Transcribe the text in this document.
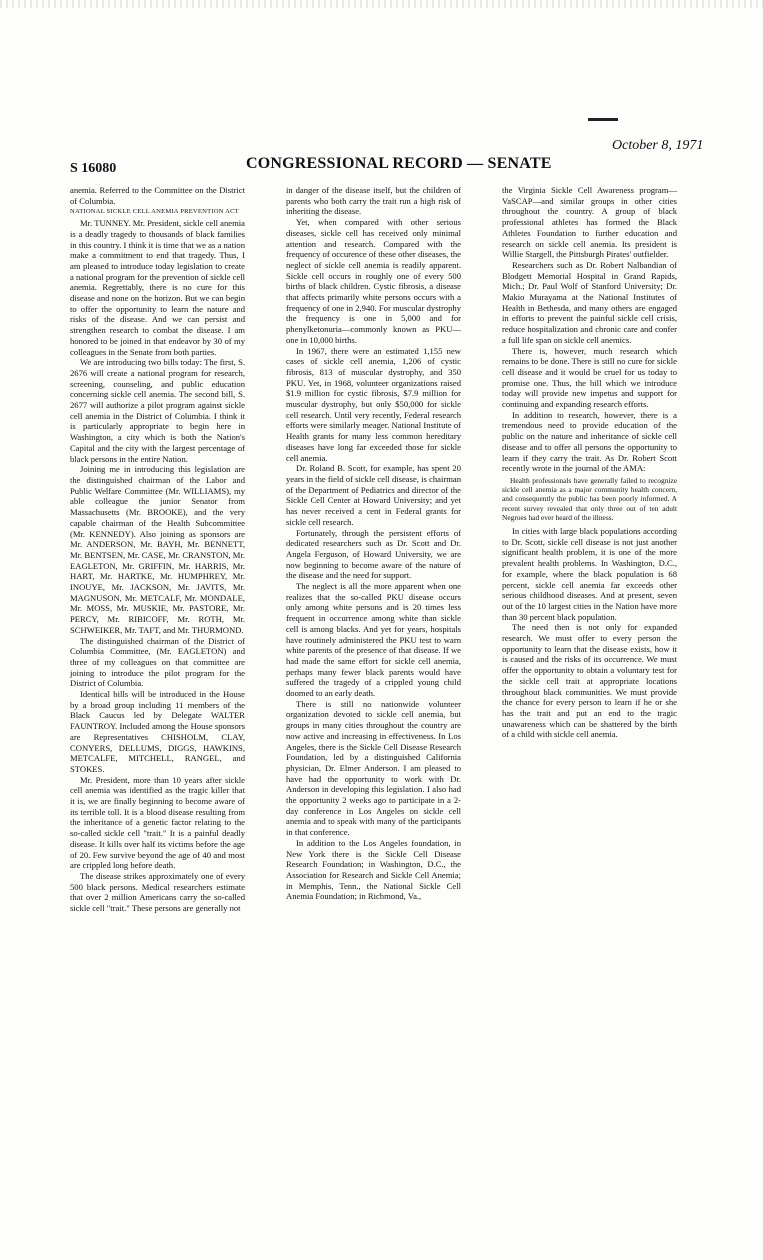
October 8, 1971
S 16080	CONGRESSIONAL RECORD — SENATE

anemia. Referred to the Committee on the District of Columbia.

NATIONAL SICKLE CELL ANEMIA PREVENTION ACT

Mr. TUNNEY. Mr. President, sickle cell anemia is a deadly tragedy to thousands of black families in this country. I think it is time that we as a nation make a commitment to end that tragedy. Thus, I am pleased to introduce today legislation to create a national program for the prevention of sickle cell anemia. Regrettably, there is no cure for this disease and none on the horizon. But we can begin to offer the opportunity to learn the nature and risks of the disease. And we can persist and strengthen research to combat the disease. I am honored to be joined in that endeavor by 30 of my colleagues in the Senate from both parties.

We are introducing two bills today: The first, S. 2676 will create a national program for research, screening, counseling, and public education concerning sickle cell anemia. The second bill, S. 2677 will authorize a pilot program against sickle cell anemia in the District of Columbia. I think it is particularly appropriate to begin here in Washington, a city which is both the Nation's Capital and the city with the largest percentage of black persons in the entire Nation.

Joining me in introducing this legislation are the distinguished chairman of the Labor and Public Welfare Committee (Mr. WILLIAMS), my able colleague the junior Senator from Massachusetts (Mr. BROOKE), and the very capable chairman of the Health Subcommittee (Mr. KENNEDY). Also joining as sponsors are Mr. ANDERSON, Mr. BAYH, Mr. BENNETT, Mr. BENTSEN, Mr. CASE, Mr. CRANSTON, Mr. EAGLETON, Mr. GRIFFIN, Mr. HARRIS, Mr. HART, Mr. HARTKE, Mr. HUMPHREY, Mr. INOUYE, Mr. JACKSON, Mr. JAVITS, Mr. MAGNUSON, Mr. METCALF, Mr. MONDALE, Mr. MOSS, Mr. MUSKIE, Mr. PASTORE, Mr. PERCY, Mr. RIBICOFF, Mr. ROTH, Mr. SCHWEIKER, Mr. TAFT, and Mr. THURMOND.

The distinguished chairman of the District of Columbia Committee, (Mr. EAGLETON) and three of my colleagues on that committee are joining to introduce the pilot program for the District of Columbia.

Identical bills will be introduced in the House by a broad group including 11 members of the Black Caucus led by Delegate WALTER FAUNTROY. Included among the House sponsors are Representatives CHISHOLM, CLAY, CONYERS, DELLUMS, DIGGS, HAWKINS, METCALFE, MITCHELL, RANGEL, and STOKES.

Mr. President, more than 10 years after sickle cell anemia was identified as the tragic killer that it is, we are finally beginning to become aware of its terrible toll. It is a blood disease resulting from the inheritance of a genetic factor relating to the so-called sickle cell "trait." It is a painful deadly disease. It kills over half its victims before the age of 20. Few survive beyond the age of 40 and most are crippled long before death.

The disease strikes approximately one of every 500 black persons. Medical researchers estimate that over 2 million Americans carry the so-called sickle cell "trait." These persons are generally not

in danger of the disease itself, but the children of parents who both carry the trait run a high risk of inheriting the disease.

Yet, when compared with other serious diseases, sickle cell has received only minimal attention and research. Compared with the frequency of occurence of these other diseases, the neglect of sickle cell anemia is readily apparent. Sickle cell occurs in roughly one of every 500 births of black children. Cystic fibrosis, a disease that affects primarily white persons occurs with a frequency of one in 2,940. For muscular dystrophy the frequency is one in 5,000 and for phenylketonuria—commonly known as PKU—one in 10,000 births.

In 1967, there were an estimated 1,155 new cases of sickle cell anemia, 1,206 of cystic fibrosis, 813 of muscular dystrophy, and 350 PKU. Yet, in 1968, volunteer organizations raised $1.9 million for cystic fibrosis, $7.9 million for muscular dystrophy, but only $50,000 for sickle cell research. Until very recently, Federal research efforts were similarly meager. National Institute of Health grants for many less common hereditary diseases have long far exceeded those for sickle cell anemia.

Dr. Roland B. Scott, for example, has spent 20 years in the field of sickle cell disease, is chairman of the Department of Pediatrics and director of the Sickle Cell Center at Howard University; and yet has never received a cent in Federal grants for sickle cell research.

Fortunately, through the persistent efforts of dedicated researchers such as Dr. Scott and Dr. Angela Ferguson, of Howard University, we are now beginning to become aware of the nature of the disease and the need for support.

The neglect is all the more apparent when one realizes that the so-called PKU disease occurs only among white persons and is 20 times less frequent in occurrence among white than sickle cell is among blacks. And yet for years, hospitals have routinely administered the PKU test to warn white parents of the presence of that disease. If we had made the same effort for sickle cell anemia, perhaps many fewer black parents would have suffered the tragedy of a crippled young child doomed to an early death.

There is still no nationwide volunteer organization devoted to sickle cell anemia, but groups in many cities throughout the country are now active and increasing in effectiveness. In Los Angeles, there is the Sickle Cell Disease Research Foundation, led by a distinguished California physician, Dr. Elmer Anderson. I am pleased to have had the opportunity to work with Dr. Anderson in developing this legislation. I also had the opportunity 2 weeks ago to participate in a 2-day conference in Los Angeles on sickle cell anemia and to speak with many of the participants in that conference.

In addition to the Los Angeles foundation, in New York there is the Sickle Cell Disease Research Foundation; in Washington, D.C., the Association for Research and Sickle Cell Anemia; in Memphis, Tenn., the National Sickle Cell Anemia Foundation; in Richmond, Va.,

the Virginia Sickle Cell Awareness program—VaSCAP—and similar groups in other cities throughout the country. A group of black professional athletes has formed the Black Athletes Foundation to further education and research on sickle cell anemia. Its president is Willie Stargell, the Pittsburgh Pirates' outfielder.

Researchers such as Dr. Robert Nalbandian of Blodgett Memorial Hospital in Grand Rapids, Mich.; Dr. Paul Wolf of Stanford University; Dr. Makio Murayama at the National Institutes of Health in Bethesda, and many others are engaged in efforts to prevent the painful sickle cell crisis, reduce hospitalization and chronic care and confer a full life span on sickle cell anemics.

There is, however, much research which remains to be done. There is still no cure for sickle cell disease and it would be cruel for us today to promise one. Thus, the bill which we introduce today will provide new impetus and support for continuing and expanding research efforts.

In addition to research, however, there is a tremendous need to provide education of the public on the nature and inheritance of sickle cell disease and to offer all persons the opportunity to learn if they carry the trait. As Dr. Robert Scott recently wrote in the journal of the AMA:

Health professionals have generally failed to recognize sickle cell anemia as a major community health concern, and consequently the public has been poorly informed. A recent survey revealed that only three out of ten adult Negroes had ever heard of the illness.

In cities with large black populations according to Dr. Scott, sickle cell disease is not just another significant health problem, it is one of the more prevalent health problems. In Washington, D.C., for example, where the black population is 68 percent, sickle cell anemia far exceeds other serious childhood diseases. And at present, seven out of the 10 largest cities in the Nation have more than 30 percent black population.

The need then is not only for expanded research. We must offer to every person the opportunity to learn that the disease exists, how it is caused and the risks of its occurrence. We must offer the opportunity to obtain a voluntary test for the sickle cell trait at appropriate locations throughout black communities. We must provide the chance for every person to learn if he or she has the trait and put an end to the tragic unawareness which can be shattered by the birth of a child with sickle cell anemia.
